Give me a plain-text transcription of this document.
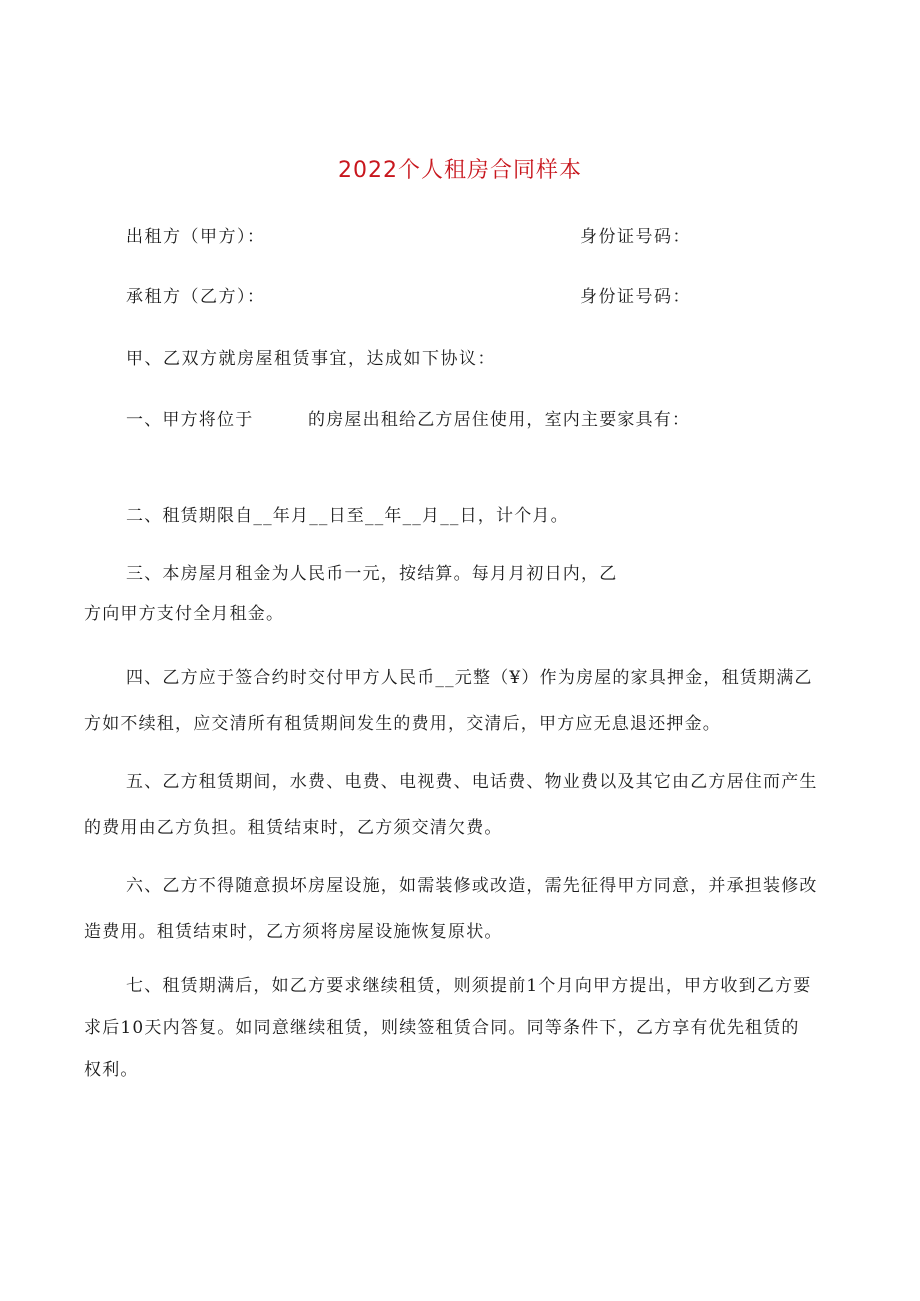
2022个人租房合同样本
出租方（甲方）：	身份证号码：
承租方（乙方）：	身份证号码：
甲、乙双方就房屋租赁事宜，达成如下协议：
一、甲方将位于　　　的房屋出租给乙方居住使用，室内主要家具有：
二、租赁期限自__年月__日至__年__月__日，计个月。
三、本房屋月租金为人民币一元，按结算。每月月初日内，乙
方向甲方支付全月租金。
四、乙方应于签合约时交付甲方人民币__元整（¥）作为房屋的家具押金，租赁期满乙
方如不续租，应交清所有租赁期间发生的费用，交清后，甲方应无息退还押金。
五、乙方租赁期间，水费、电费、电视费、电话费、物业费以及其它由乙方居住而产生
的费用由乙方负担。租赁结束时，乙方须交清欠费。
六、乙方不得随意损坏房屋设施，如需装修或改造，需先征得甲方同意，并承担装修改
造费用。租赁结束时，乙方须将房屋设施恢复原状。
七、租赁期满后，如乙方要求继续租赁，则须提前1个月向甲方提出，甲方收到乙方要
求后10天内答复。如同意继续租赁，则续签租赁合同。同等条件下，乙方享有优先租赁的
权利。
